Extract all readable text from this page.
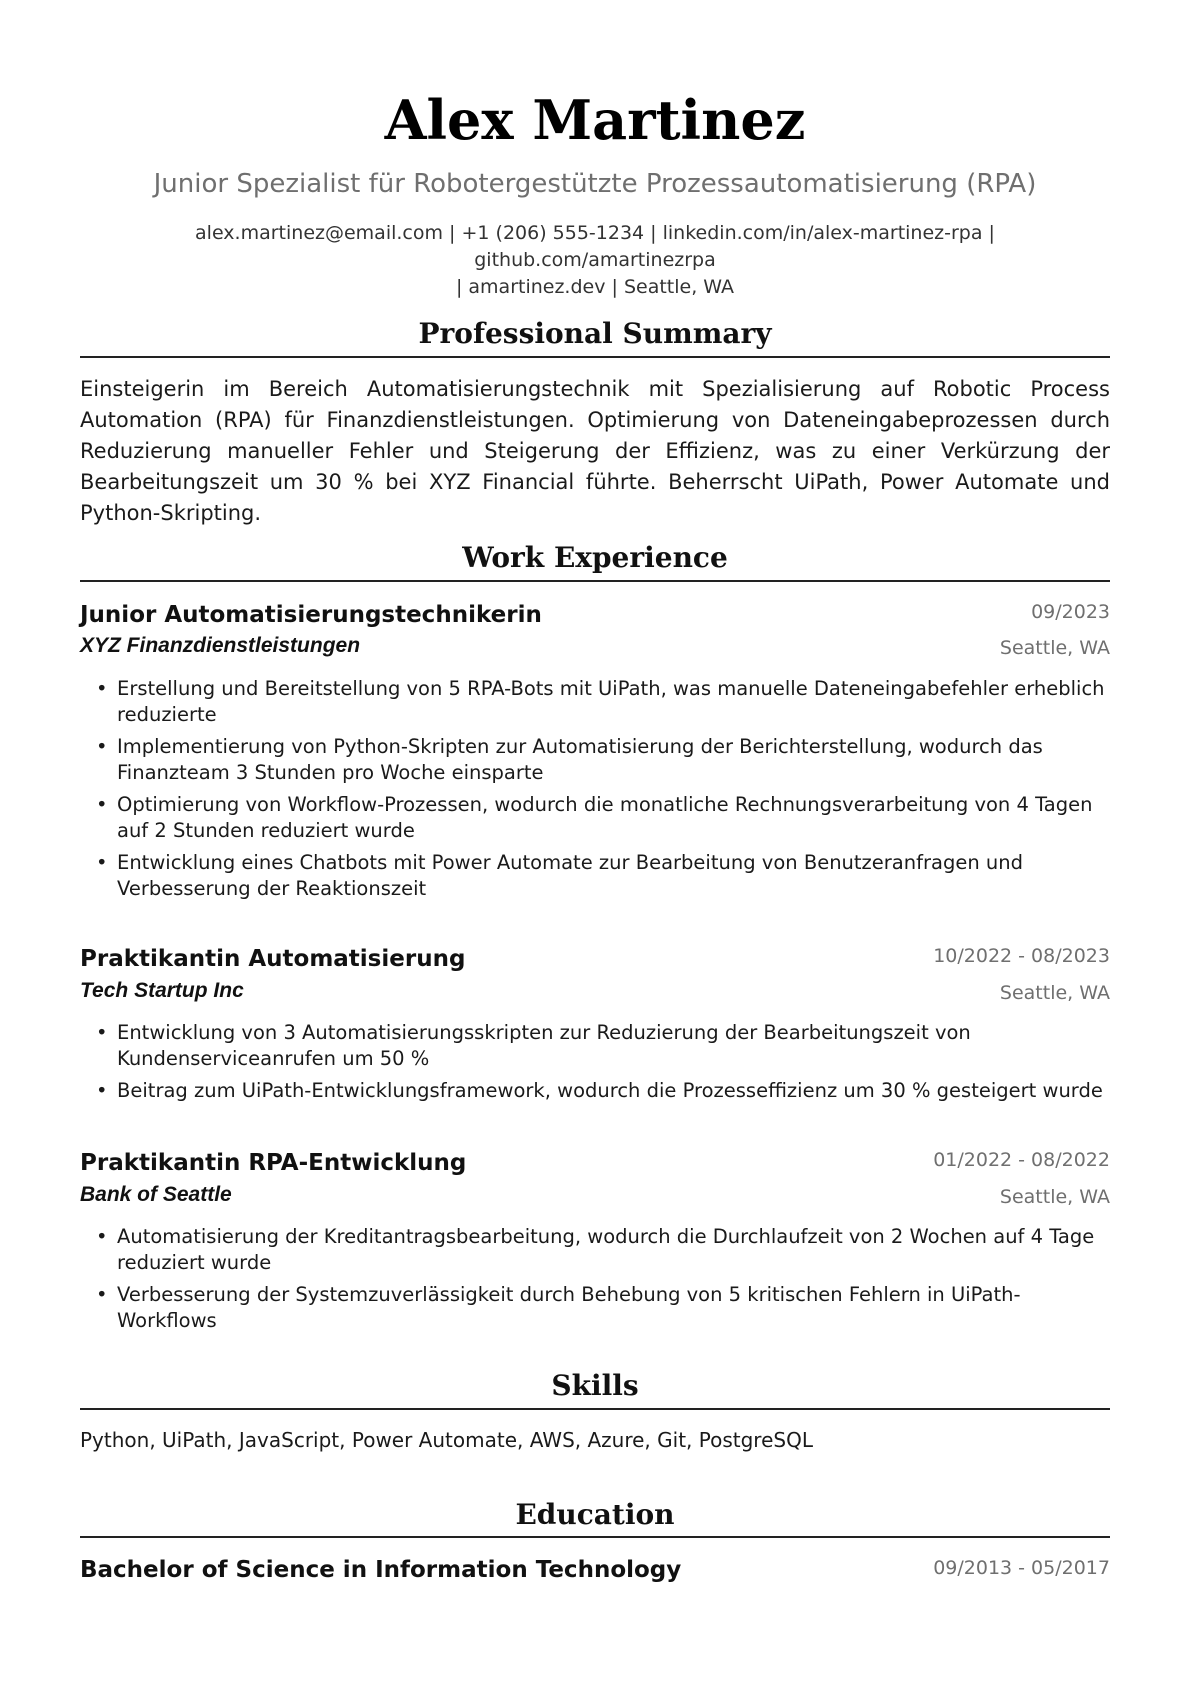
Alex Martinez
Junior Spezialist für Robotergestützte Prozessautomatisierung (RPA)
alex.martinez@email.com | +1 (206) 555-1234 | linkedin.com/in/alex-martinez-rpa | github.com/amartinezrpa
| amartinez.dev | Seattle, WA
Professional Summary
Einsteigerin im Bereich Automatisierungstechnik mit Spezialisierung auf Robotic Process Automation (RPA) für Finanzdienstleistungen. Optimierung von Dateneingabeprozessen durch Reduzierung manueller Fehler und Steigerung der Effizienz, was zu einer Verkürzung der Bearbeitungszeit um 30 % bei XYZ Financial führte. Beherrscht UiPath, Power Automate und Python-Skripting.
Work Experience
Junior Automatisierungstechnikerin	09/2023
XYZ Finanzdienstleistungen	Seattle, WA
• Erstellung und Bereitstellung von 5 RPA-Bots mit UiPath, was manuelle Dateneingabefehler erheblich reduzierte
• Implementierung von Python-Skripten zur Automatisierung der Berichterstellung, wodurch das Finanzteam 3 Stunden pro Woche einsparte
• Optimierung von Workflow-Prozessen, wodurch die monatliche Rechnungsverarbeitung von 4 Tagen auf 2 Stunden reduziert wurde
• Entwicklung eines Chatbots mit Power Automate zur Bearbeitung von Benutzeranfragen und Verbesserung der Reaktionszeit
Praktikantin Automatisierung	10/2022 - 08/2023
Tech Startup Inc	Seattle, WA
• Entwicklung von 3 Automatisierungsskripten zur Reduzierung der Bearbeitungszeit von Kundenserviceanrufen um 50 %
• Beitrag zum UiPath-Entwicklungsframework, wodurch die Prozesseffizienz um 30 % gesteigert wurde
Praktikantin RPA-Entwicklung	01/2022 - 08/2022
Bank of Seattle	Seattle, WA
• Automatisierung der Kreditantragsbearbeitung, wodurch die Durchlaufzeit von 2 Wochen auf 4 Tage reduziert wurde
• Verbesserung der Systemzuverlässigkeit durch Behebung von 5 kritischen Fehlern in UiPath-Workflows
Skills
Python, UiPath, JavaScript, Power Automate, AWS, Azure, Git, PostgreSQL
Education
Bachelor of Science in Information Technology	09/2013 - 05/2017
